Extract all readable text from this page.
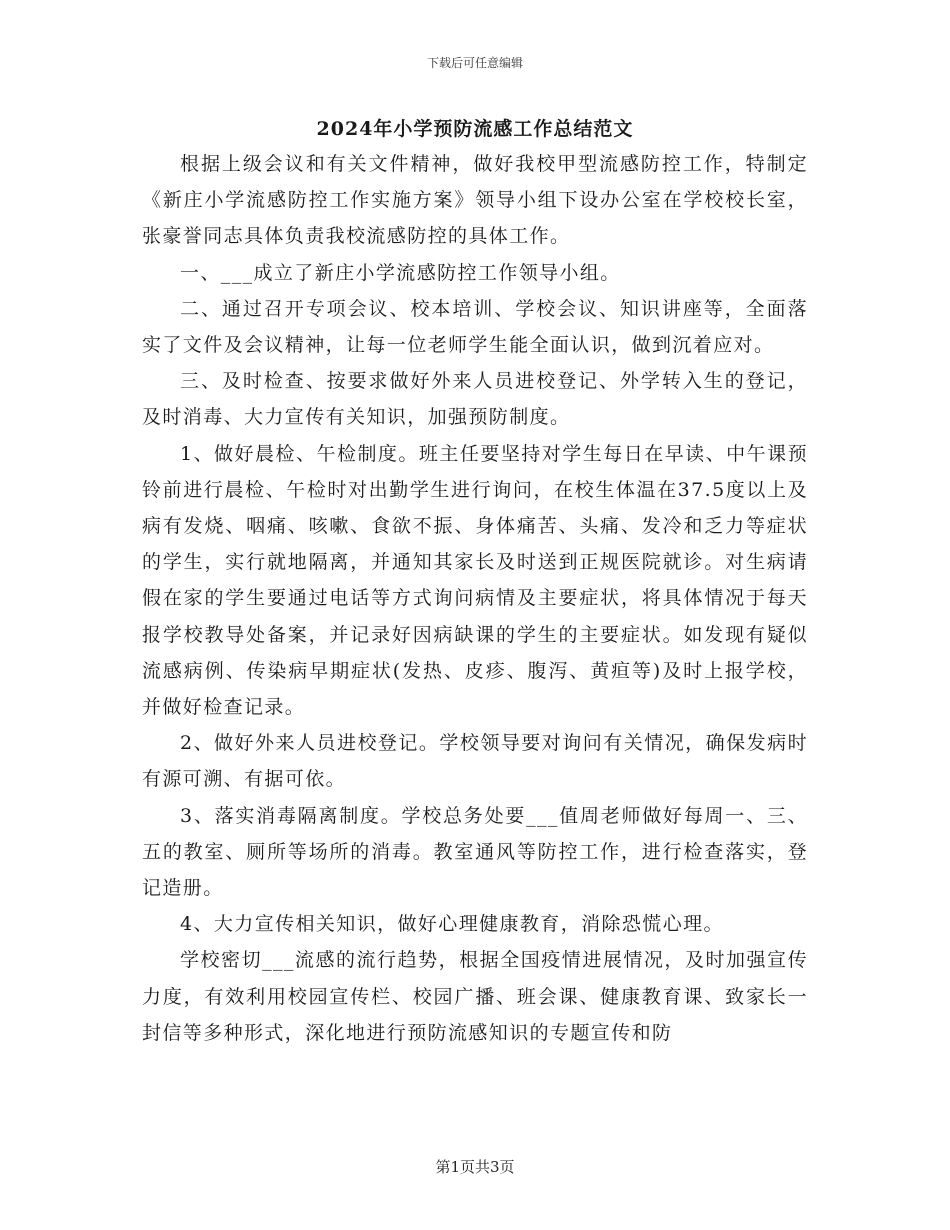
下载后可任意编辑
2024年小学预防流感工作总结范文

根据上级会议和有关文件精神，做好我校甲型流感防控工作，特制定《新庄小学流感防控工作实施方案》领导小组下设办公室在学校校长室，张豪誉同志具体负责我校流感防控的具体工作。

一、___成立了新庄小学流感防控工作领导小组。

二、通过召开专项会议、校本培训、学校会议、知识讲座等，全面落实了文件及会议精神，让每一位老师学生能全面认识，做到沉着应对。

三、及时检查、按要求做好外来人员进校登记、外学转入生的登记，及时消毒、大力宣传有关知识，加强预防制度。

1、做好晨检、午检制度。班主任要坚持对学生每日在早读、中午课预铃前进行晨检、午检时对出勤学生进行询问，在校生体温在37.5度以上及病有发烧、咽痛、咳嗽、食欲不振、身体痛苦、头痛、发冷和乏力等症状的学生，实行就地隔离，并通知其家长及时送到正规医院就诊。对生病请假在家的学生要通过电话等方式询问病情及主要症状，将具体情况于每天报学校教导处备案，并记录好因病缺课的学生的主要症状。如发现有疑似流感病例、传染病早期症状(发热、皮疹、腹泻、黄疸等)及时上报学校，并做好检查记录。

2、做好外来人员进校登记。学校领导要对询问有关情况，确保发病时有源可溯、有据可依。

3、落实消毒隔离制度。学校总务处要___值周老师做好每周一、三、五的教室、厕所等场所的消毒。教室通风等防控工作，进行检查落实，登记造册。

4、大力宣传相关知识，做好心理健康教育，消除恐慌心理。

学校密切___流感的流行趋势，根据全国疫情进展情况，及时加强宣传力度，有效利用校园宣传栏、校园广播、班会课、健康教育课、致家长一封信等多种形式，深化地进行预防流感知识的专题宣传和防

第1页共3页
